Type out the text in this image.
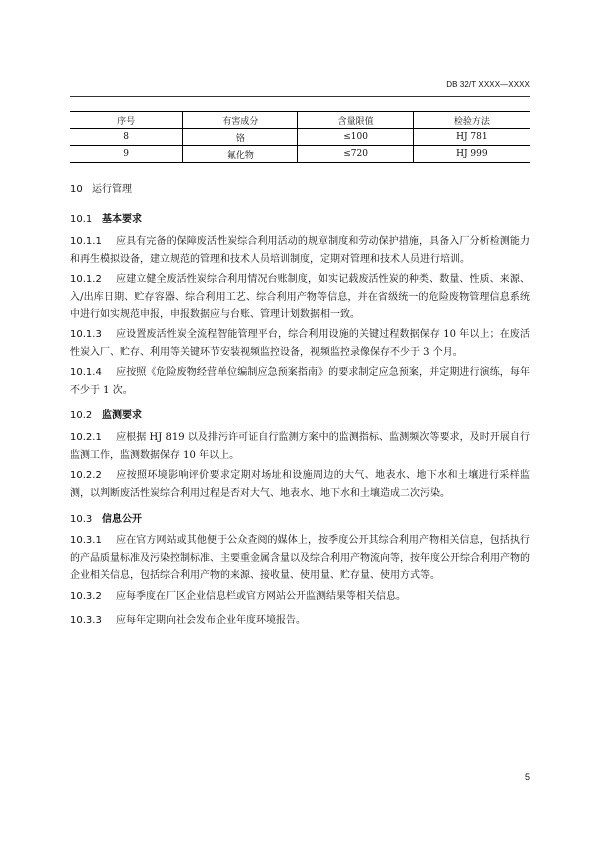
DB 32/T XXXX—XXXX
序号	有害成分	含量限值	检验方法
8	铬	≤100	HJ 781
9	氟化物	≤720	HJ 999
10 运行管理
10.1 基本要求
10.1.1 应具有完备的保障废活性炭综合利用活动的规章制度和劳动保护措施，具备入厂分析检测能力和再生模拟设备，建立规范的管理和技术人员培训制度，定期对管理和技术人员进行培训。
10.1.2 应建立健全废活性炭综合利用情况台账制度，如实记载废活性炭的种类、数量、性质、来源、入/出库日期、贮存容器、综合利用工艺、综合利用产物等信息，并在省级统一的危险废物管理信息系统中进行如实规范申报，申报数据应与台账、管理计划数据相一致。
10.1.3 应设置废活性炭全流程智能管理平台，综合利用设施的关键过程数据保存 10 年以上；在废活性炭入厂、贮存、利用等关键环节安装视频监控设备，视频监控录像保存不少于 3 个月。
10.1.4 应按照《危险废物经营单位编制应急预案指南》的要求制定应急预案，并定期进行演练，每年不少于 1 次。
10.2 监测要求
10.2.1 应根据 HJ 819 以及排污许可证自行监测方案中的监测指标、监测频次等要求，及时开展自行监测工作，监测数据保存 10 年以上。
10.2.2 应按照环境影响评价要求定期对场址和设施周边的大气、地表水、地下水和土壤进行采样监测，以判断废活性炭综合利用过程是否对大气、地表水、地下水和土壤造成二次污染。
10.3 信息公开
10.3.1 应在官方网站或其他便于公众查阅的媒体上，按季度公开其综合利用产物相关信息，包括执行的产品质量标准及污染控制标准、主要重金属含量以及综合利用产物流向等，按年度公开综合利用产物的企业相关信息，包括综合利用产物的来源、接收量、使用量、贮存量、使用方式等。
10.3.2 应每季度在厂区企业信息栏或官方网站公开监测结果等相关信息。
10.3.3 应每年定期向社会发布企业年度环境报告。
5
